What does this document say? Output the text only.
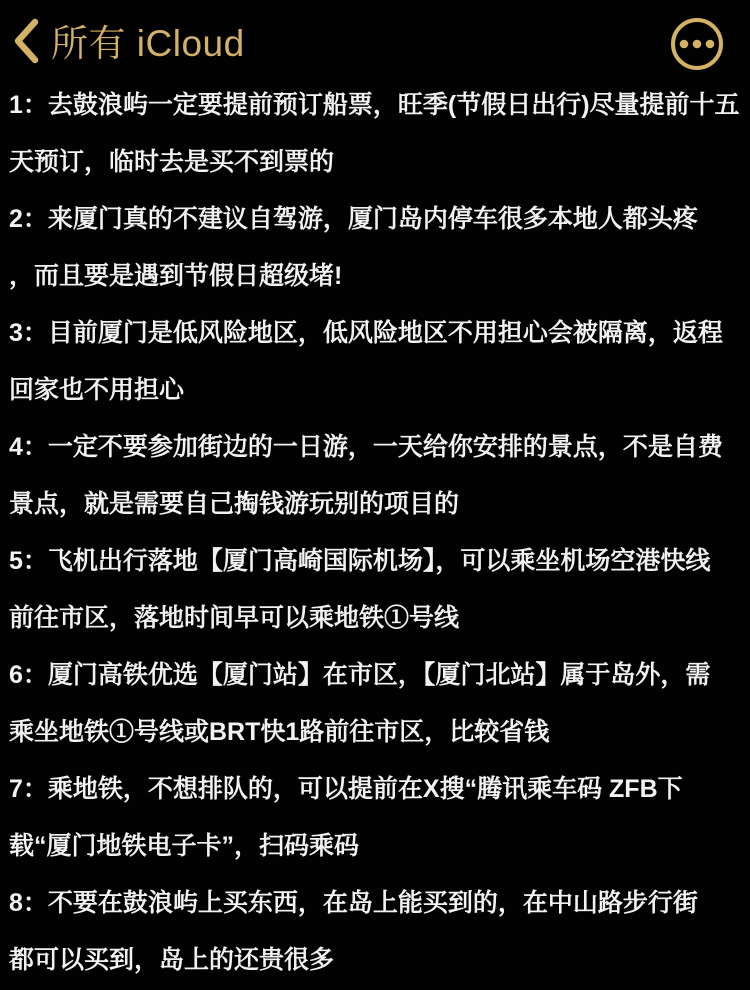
所有 iCloud

1：去鼓浪屿一定要提前预订船票，旺季(节假日出行)尽量提前十五
天预订，临时去是买不到票的

2：来厦门真的不建议自驾游，厦门岛内停车很多本地人都头疼
，而且要是遇到节假日超级堵!

3：目前厦门是低风险地区，低风险地区不用担心会被隔离，返程
回家也不用担心

4：一定不要参加街边的一日游，一天给你安排的景点，不是自费
景点，就是需要自己掏钱游玩别的项目的

5：飞机出行落地【厦门高崎国际机场】，可以乘坐机场空港快线
前往市区，落地时间早可以乘地铁①号线

6：厦门高铁优选【厦门站】在市区，【厦门北站】属于岛外，需
乘坐地铁①号线或BRT快1路前往市区，比较省钱

7：乘地铁，不想排队的，可以提前在X搜“腾讯乘车码 ZFB下
载“厦门地铁电子卡”，扫码乘码

8：不要在鼓浪屿上买东西，在岛上能买到的，在中山路步行街
都可以买到，岛上的还贵很多
